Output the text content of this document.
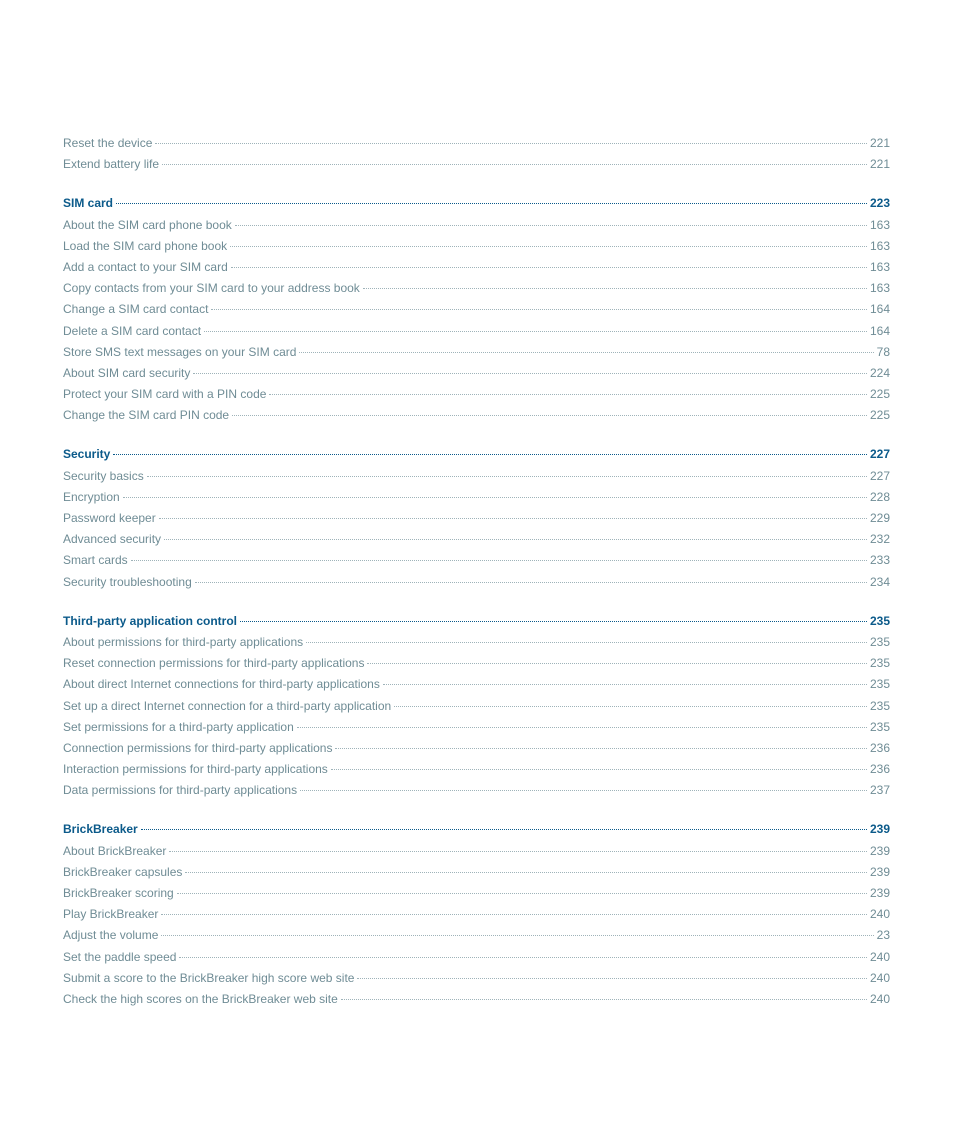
Reset the device	221
Extend battery life	221
SIM card	223
About the SIM card phone book	163
Load the SIM card phone book	163
Add a contact to your SIM card	163
Copy contacts from your SIM card to your address book	163
Change a SIM card contact	164
Delete a SIM card contact	164
Store SMS text messages on your SIM card	78
About SIM card security	224
Protect your SIM card with a PIN code	225
Change the SIM card PIN code	225
Security	227
Security basics	227
Encryption	228
Password keeper	229
Advanced security	232
Smart cards	233
Security troubleshooting	234
Third-party application control	235
About permissions for third-party applications	235
Reset connection permissions for third-party applications	235
About direct Internet connections for third-party applications	235
Set up a direct Internet connection for a third-party application	235
Set permissions for a third-party application	235
Connection permissions for third-party applications	236
Interaction permissions for third-party applications	236
Data permissions for third-party applications	237
BrickBreaker	239
About BrickBreaker	239
BrickBreaker capsules	239
BrickBreaker scoring	239
Play BrickBreaker	240
Adjust the volume	23
Set the paddle speed	240
Submit a score to the BrickBreaker high score web site	240
Check the high scores on the BrickBreaker web site	240
